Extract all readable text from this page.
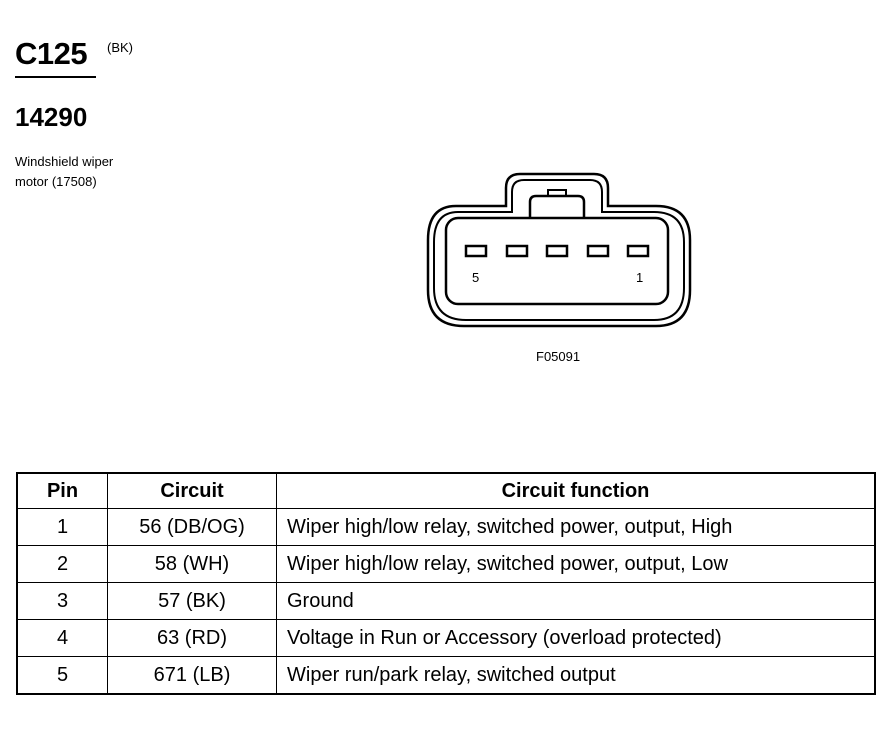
C125 (BK)
14290
Windshield wiper
motor (17508)
5	1
F05091
Pin	Circuit	Circuit function
1	56 (DB/OG)	Wiper high/low relay, switched power, output, High
2	58 (WH)	Wiper high/low relay, switched power, output, Low
3	57 (BK)	Ground
4	63 (RD)	Voltage in Run or Accessory (overload protected)
5	671 (LB)	Wiper run/park relay, switched output
